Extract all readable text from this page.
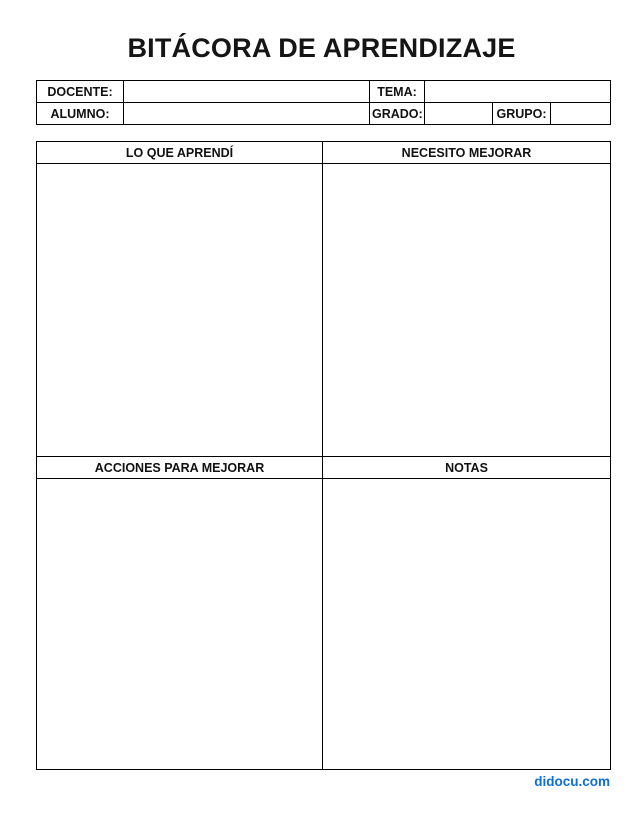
BITÁCORA DE APRENDIZAJE
DOCENTE:		TEMA:			
ALUMNO:		GRADO:		GRUPO:	
LO QUE APRENDÍ	NECESITO MEJORAR

ACCIONES PARA MEJORAR	NOTAS

didocu.com
